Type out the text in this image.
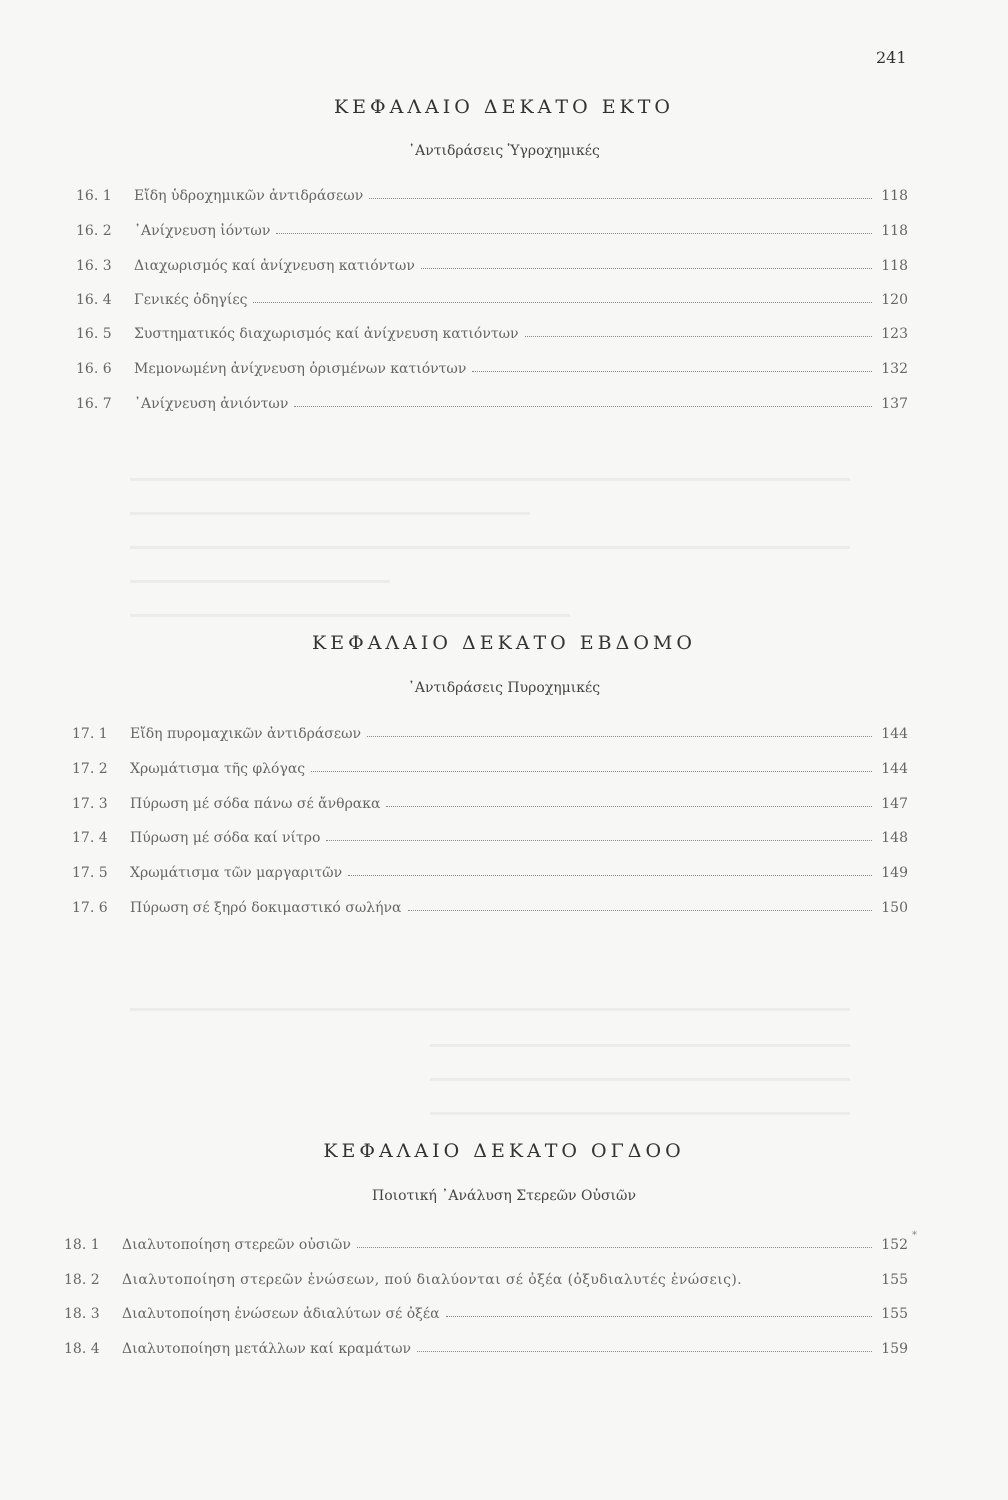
241
ΚΕΦΑΛΑΙΟ ΔΕΚΑΤΟ ΕΚΤΟ
᾿Αντιδράσεις Ὑγροχημικές
16. 1	Εἴδη ὑδροχημικῶν ἀντιδράσεων	118
16. 2	᾿Ανίχνευση ἰόντων	118
16. 3	Διαχωρισμός καί ἀνίχνευση κατιόντων	118
16. 4	Γενικές ὁδηγίες	120
16. 5	Συστηματικός διαχωρισμός καί ἀνίχνευση κατιόντων	123
16. 6	Μεμονωμένη ἀνίχνευση ὁρισμένων κατιόντων	132
16. 7	᾿Ανίχνευση ἀνιόντων	137
ΚΕΦΑΛΑΙΟ ΔΕΚΑΤΟ ΕΒΔΟΜΟ
᾿Αντιδράσεις Πυροχημικές
17. 1	Εἴδη πυρομαχικῶν ἀντιδράσεων	144
17. 2	Χρωμάτισμα τῆς φλόγας	144
17. 3	Πύρωση μέ σόδα πάνω σέ ἄνθρακα	147
17. 4	Πύρωση μέ σόδα καί νίτρο	148
17. 5	Χρωμάτισμα τῶν μαργαριτῶν	149
17. 6	Πύρωση σέ ξηρό δοκιμαστικό σωλήνα	150
ΚΕΦΑΛΑΙΟ ΔΕΚΑΤΟ ΟΓΔΟΟ
Ποιοτική ᾿Ανάλυση Στερεῶν Οὐσιῶν
18. 1	Διαλυτοποίηση στερεῶν οὐσιῶν	152
*
18. 2	Διαλυτοποίηση στερεῶν ἑνώσεων, πού διαλύονται σέ ὀξέα (ὀξυδιαλυτές ἑνώσεις).	155
18. 3	Διαλυτοποίηση ἑνώσεων ἀδιαλύτων σέ ὀξέα	155
18. 4	Διαλυτοποίηση μετάλλων καί κραμάτων	159
